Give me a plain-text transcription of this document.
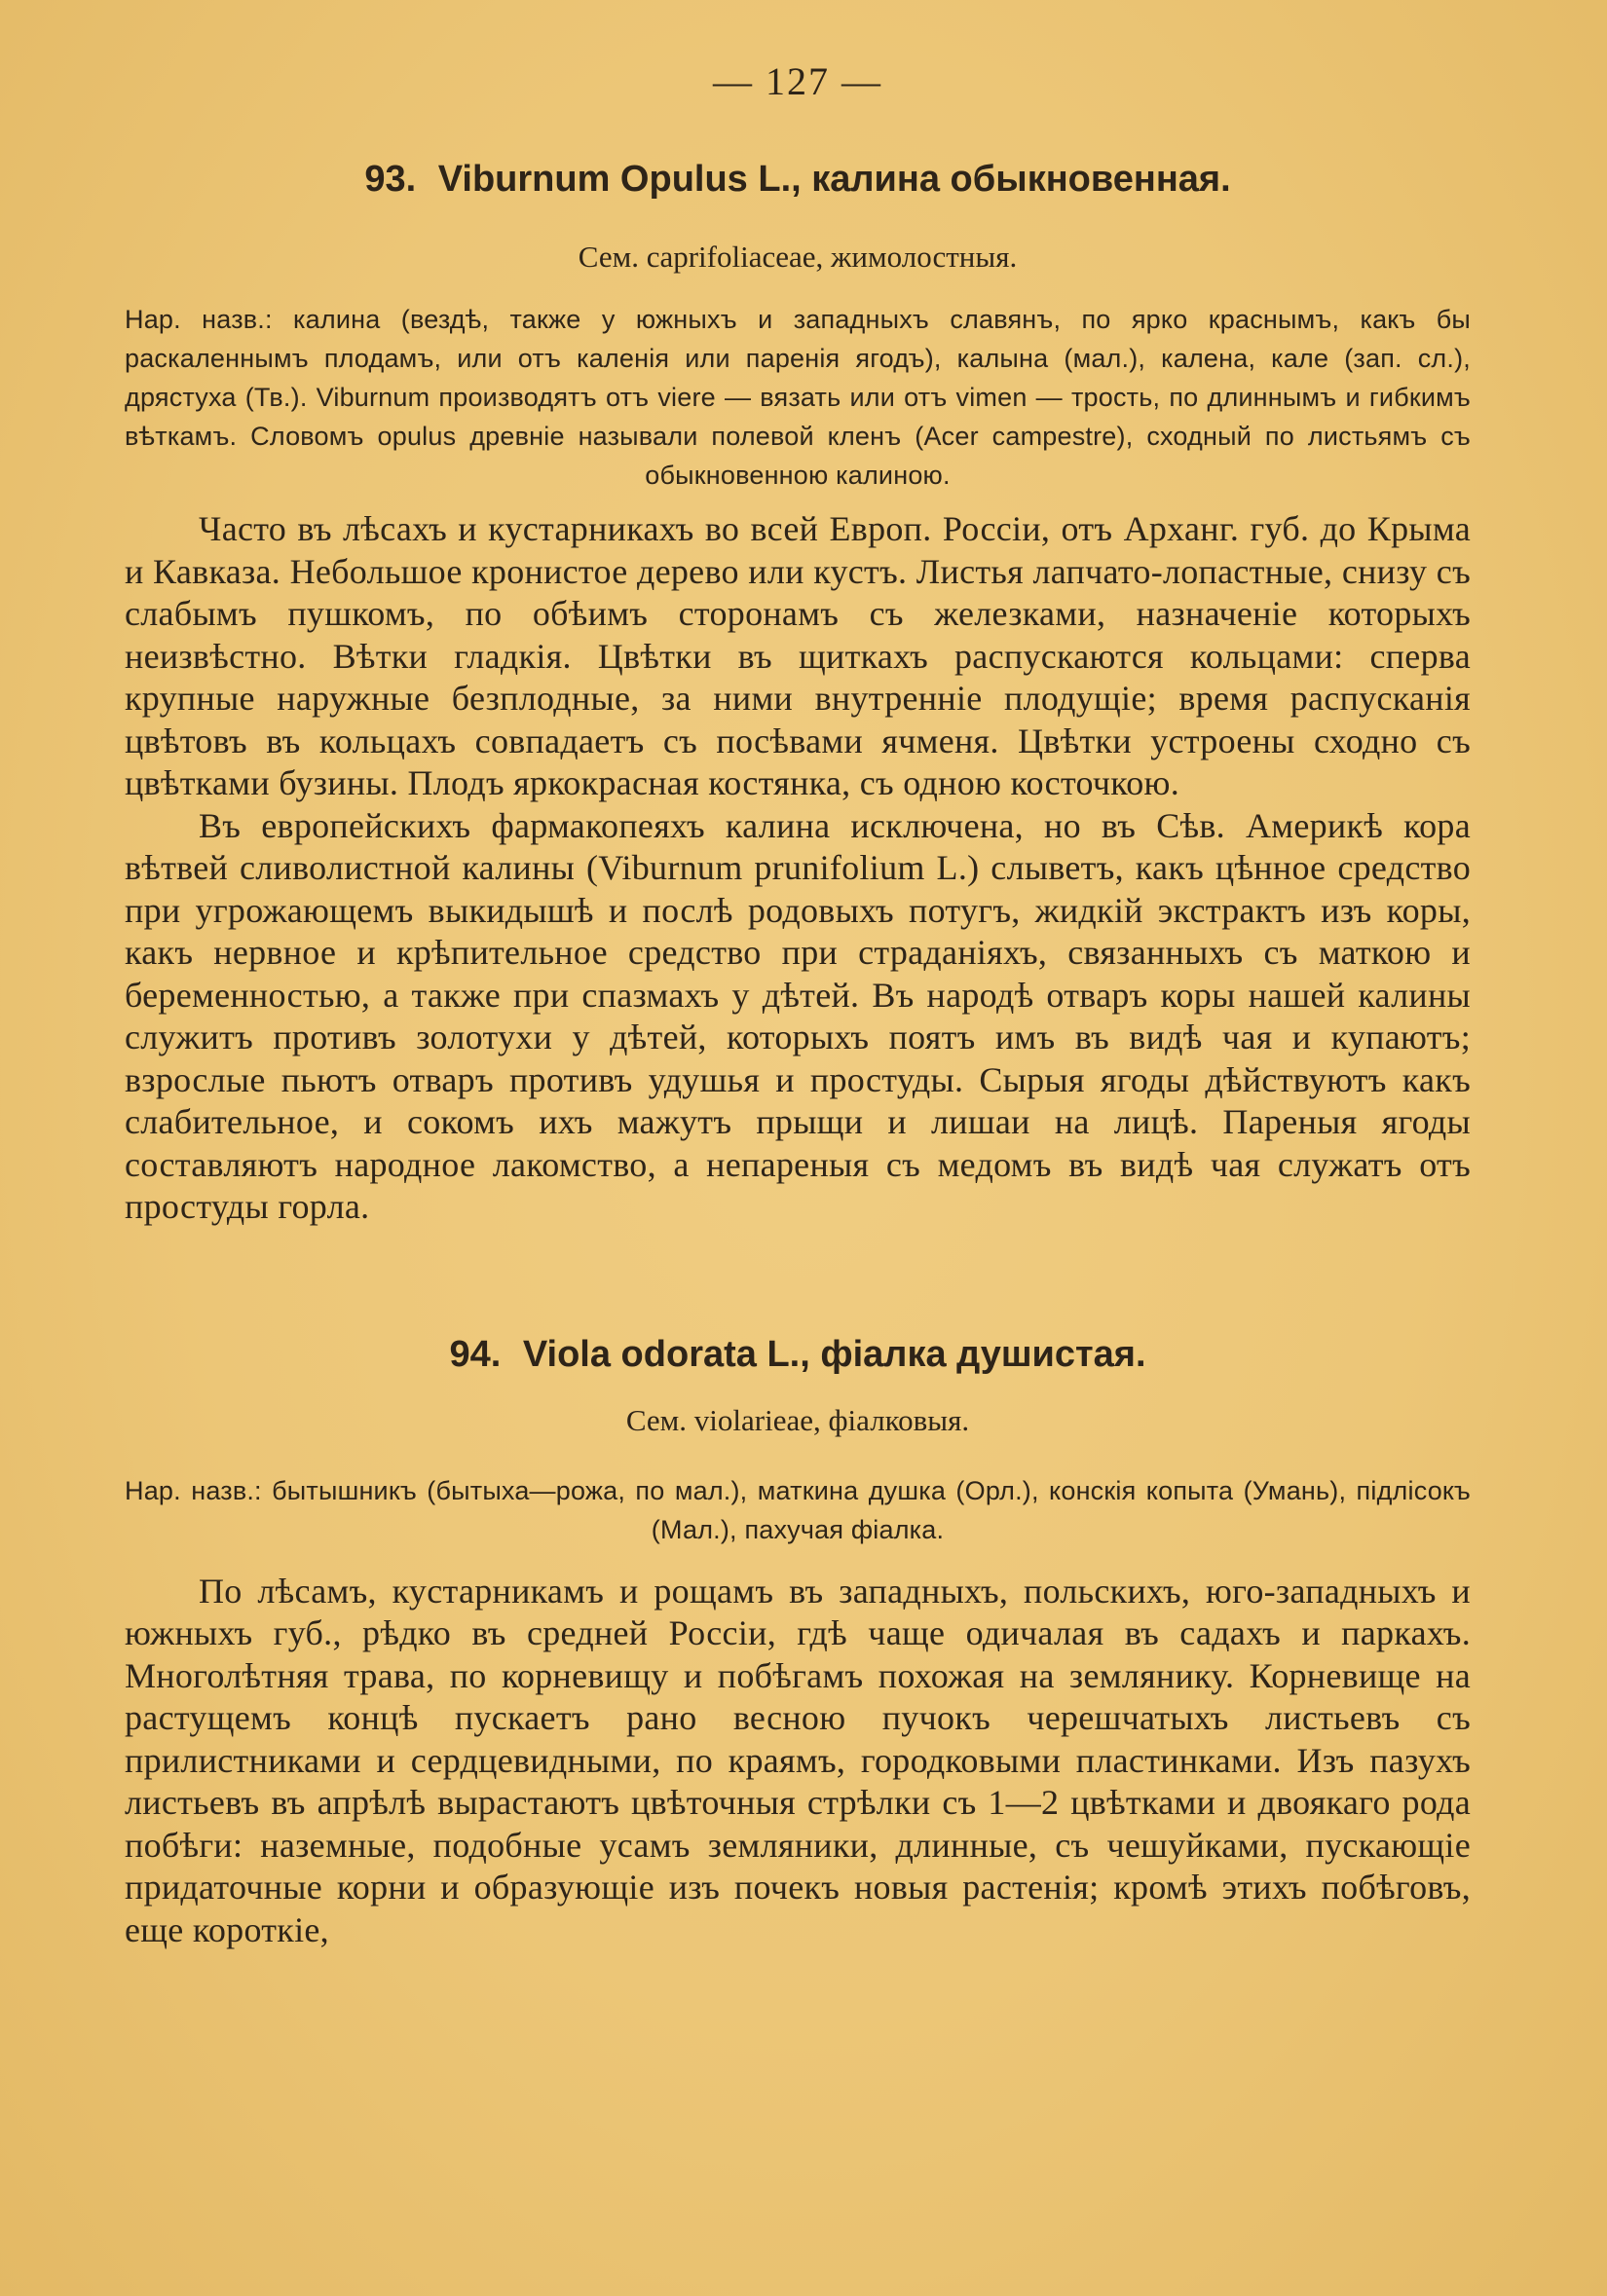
— 127 —
93. Viburnum Opulus L., калина обыкновенная.
Сем. caprifoliaceae, жимолостныя.
Нар. назв.: калина (вездѣ, также у южныхъ и западныхъ славянъ, по ярко краснымъ, какъ бы раскаленнымъ плодамъ, или отъ каленія или паренія ягодъ), калына (мал.), калена, кале (зап. сл.), дрястуха (Тв.). Viburnum производятъ отъ viere — вязать или отъ vimen — трость, по длиннымъ и гибкимъ вѣткамъ. Словомъ opulus древніе называли полевой кленъ (Acer campestre), сходный по листьямъ съ обыкновенною калиною.

Часто въ лѣсахъ и кустарникахъ во всей Европ. Россіи, отъ Арханг. губ. до Крыма и Кавказа. Небольшое кронистое дерево или кустъ. Листья лапчато-лопастные, снизу съ слабымъ пушкомъ, по обѣимъ сторонамъ съ железками, назначеніе которыхъ неизвѣстно. Вѣтки гладкія. Цвѣтки въ щиткахъ распускаются кольцами: сперва крупные наружные безплодные, за ними внутренніе плодущіе; время распусканія цвѣтовъ въ кольцахъ совпадаетъ съ посѣвами ячменя. Цвѣтки устроены сходно съ цвѣтками бузины. Плодъ яркокрасная костянка, съ одною косточкою.

Въ европейскихъ фармакопеяхъ калина исключена, но въ Сѣв. Америкѣ кора вѣтвей сливолистной калины (Viburnum prunifolium L.) слыветъ, какъ цѣнное средство при угрожающемъ выкидышѣ и послѣ родовыхъ потугъ, жидкій экстрактъ изъ коры, какъ нервное и крѣпительное средство при страданіяхъ, связанныхъ съ маткою и беременностью, а также при спазмахъ у дѣтей. Въ народѣ отваръ коры нашей калины служитъ противъ золотухи у дѣтей, которыхъ поятъ имъ въ видѣ чая и купаютъ; взрослые пьютъ отваръ противъ удушья и простуды. Сырыя ягоды дѣйствуютъ какъ слабительное, и сокомъ ихъ мажутъ прыщи и лишаи на лицѣ. Пареныя ягоды составляютъ народное лакомство, а непареныя съ медомъ въ видѣ чая служатъ отъ простуды горла.

94. Viola odorata L., фіалка душистая.
Сем. violarieae, фіалковыя.
Нар. назв.: бытышникъ (бытыха—рожа, по мал.), маткина душка (Орл.), конскія копыта (Умань), підлісокъ (Мал.), пахучая фіалка.

По лѣсамъ, кустарникамъ и рощамъ въ западныхъ, польскихъ, юго-западныхъ и южныхъ губ., рѣдко въ средней Россіи, гдѣ чаще одичалая въ садахъ и паркахъ. Многолѣтняя трава, по корневищу и побѣгамъ похожая на землянику. Корневище на растущемъ концѣ пускаетъ рано весною пучокъ черешчатыхъ листьевъ съ прилистниками и сердцевидными, по краямъ, городковыми пластинками. Изъ пазухъ листьевъ въ апрѣлѣ вырастаютъ цвѣточныя стрѣлки съ 1—2 цвѣтками и двоякаго рода побѣги: наземные, подобные усамъ земляники, длинные, съ чешуйками, пускающіе придаточные корни и образующіе изъ почекъ новыя растенія; кромѣ этихъ побѣговъ, еще короткіе,
